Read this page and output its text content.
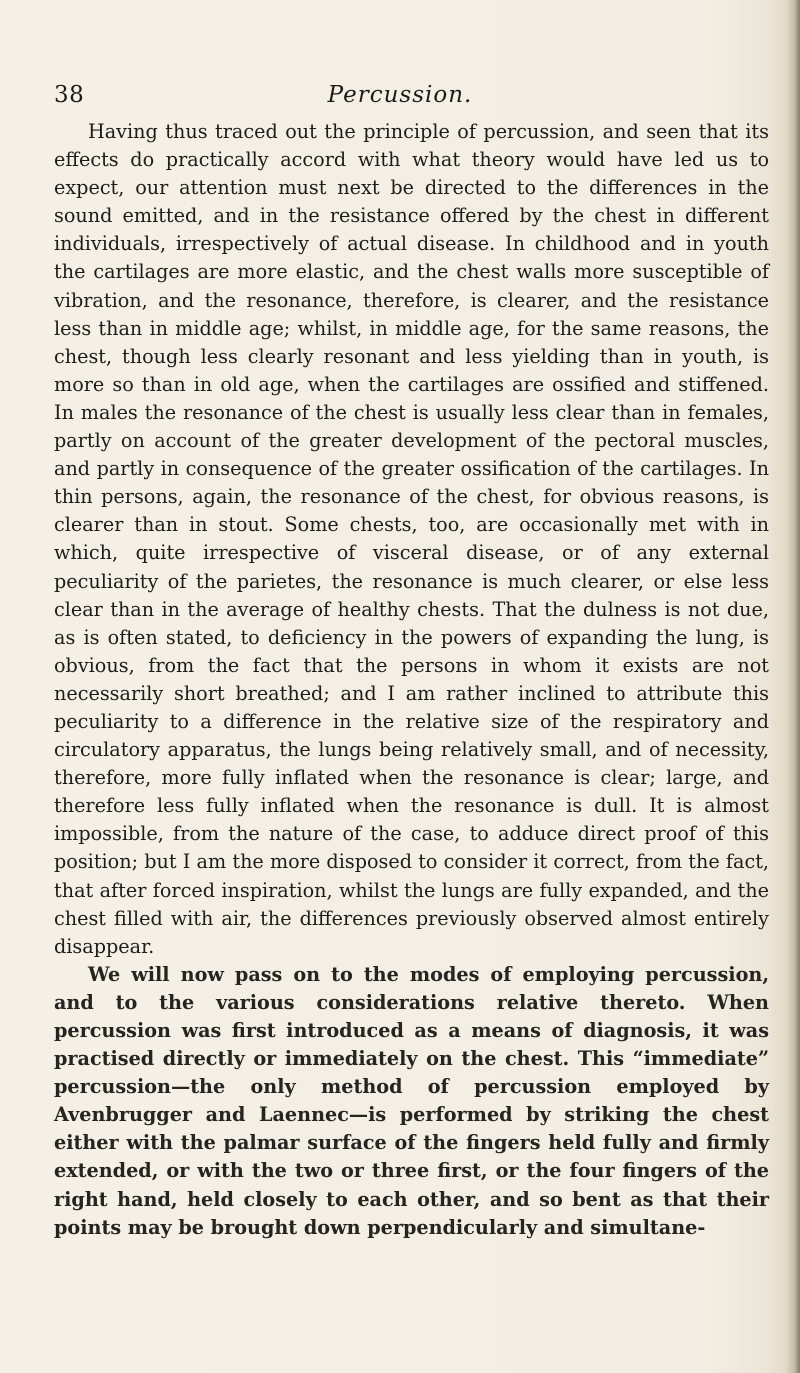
38	Percussion.

Having thus traced out the principle of percussion, and seen that its effects do practically accord with what theory would have led us to expect, our attention must next be directed to the differences in the sound emitted, and in the resistance offered by the chest in different individuals, irrespectively of actual disease. In childhood and in youth the cartilages are more elastic, and the chest walls more susceptible of vibration, and the resonance, therefore, is clearer, and the resistance less than in middle age; whilst, in middle age, for the same reasons, the chest, though less clearly resonant and less yielding than in youth, is more so than in old age, when the cartilages are ossified and stiffened. In males the resonance of the chest is usually less clear than in females, partly on account of the greater development of the pectoral muscles, and partly in consequence of the greater ossification of the cartilages. In thin persons, again, the resonance of the chest, for obvious reasons, is clearer than in stout. Some chests, too, are occasionally met with in which, quite irrespective of visceral disease, or of any external peculiarity of the parietes, the resonance is much clearer, or else less clear than in the average of healthy chests. That the dulness is not due, as is often stated, to deficiency in the powers of expanding the lung, is obvious, from the fact that the persons in whom it exists are not necessarily short breathed; and I am rather inclined to attribute this peculiarity to a difference in the relative size of the respiratory and circulatory apparatus, the lungs being relatively small, and of necessity, therefore, more fully inflated when the resonance is clear; large, and therefore less fully inflated when the resonance is dull. It is almost impossible, from the nature of the case, to adduce direct proof of this position; but I am the more disposed to consider it correct, from the fact, that after forced inspiration, whilst the lungs are fully expanded, and the chest filled with air, the differences previously observed almost entirely disappear.

We will now pass on to the modes of employing percussion, and to the various considerations relative thereto. When percussion was first introduced as a means of diagnosis, it was practised directly or immediately on the chest. This “immediate” percussion—the only method of percussion employed by Avenbrugger and Laennec—is performed by striking the chest either with the palmar surface of the fingers held fully and firmly extended, or with the two or three first, or the four fingers of the right hand, held closely to each other, and so bent as that their points may be brought down perpendicularly and simultane-
